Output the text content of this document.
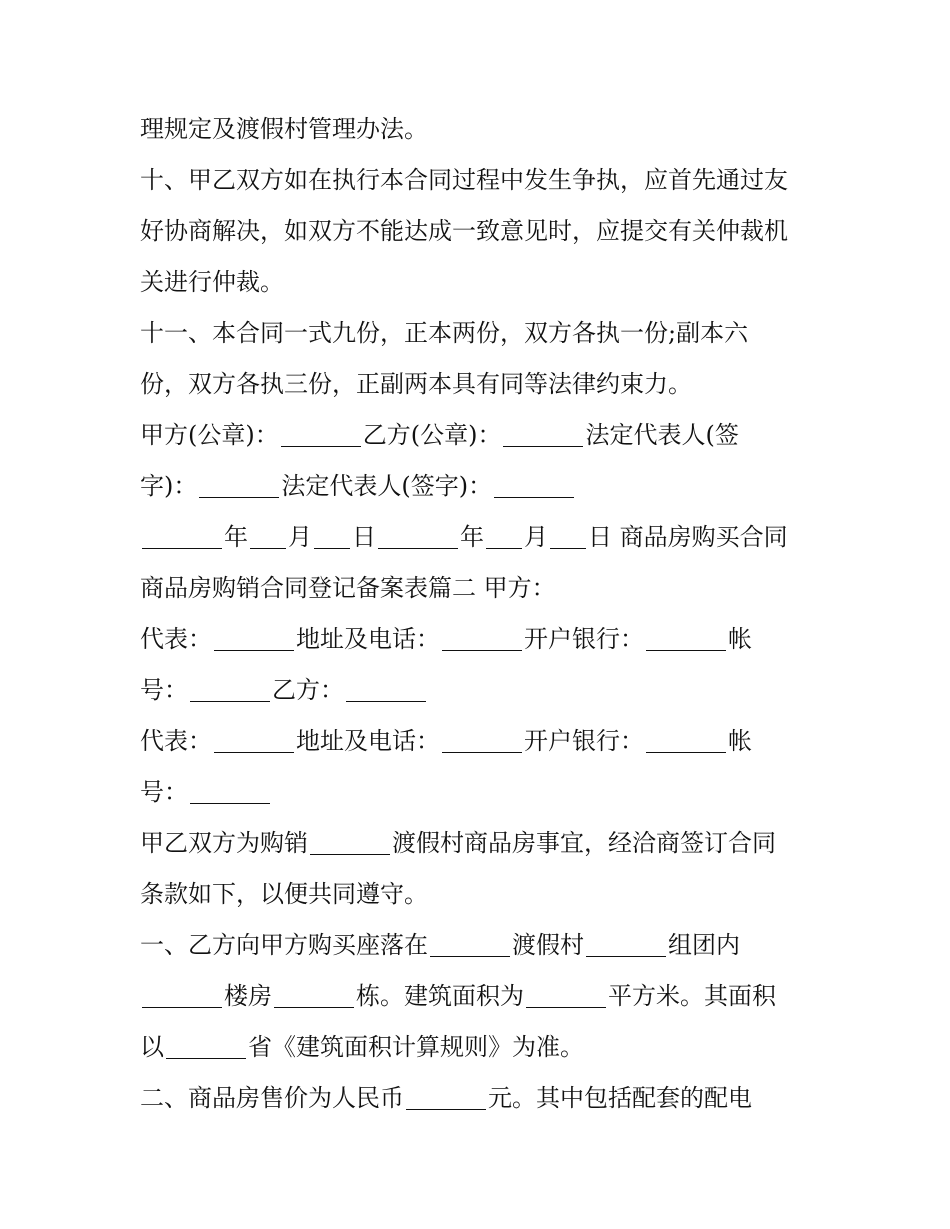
理规定及渡假村管理办法。
十、甲乙双方如在执行本合同过程中发生争执，应首先通过友
好协商解决，如双方不能达成一致意见时，应提交有关仲裁机
关进行仲裁。
十一、本合同一式九份，正本两份，双方各执一份;副本六
份，双方各执三份，正副两本具有同等法律约束力。
甲方(公章)：	乙方(公章)：	法定代表人(签
字)：	法定代表人(签字)：
年 月 日	年 月 日 商品房购买合同
商品房购销合同登记备案表篇二 甲方：
代表：	地址及电话：	开户银行：	帐
号：	乙方：
代表：	地址及电话：	开户银行：	帐
号：
甲乙双方为购销	渡假村商品房事宜，经洽商签订合同
条款如下，以便共同遵守。
一、乙方向甲方购买座落在	渡假村	组团内
楼房	栋。建筑面积为	平方米。其面积
以	省《建筑面积计算规则》为准。
二、商品房售价为人民币	元。其中包括配套的配电
